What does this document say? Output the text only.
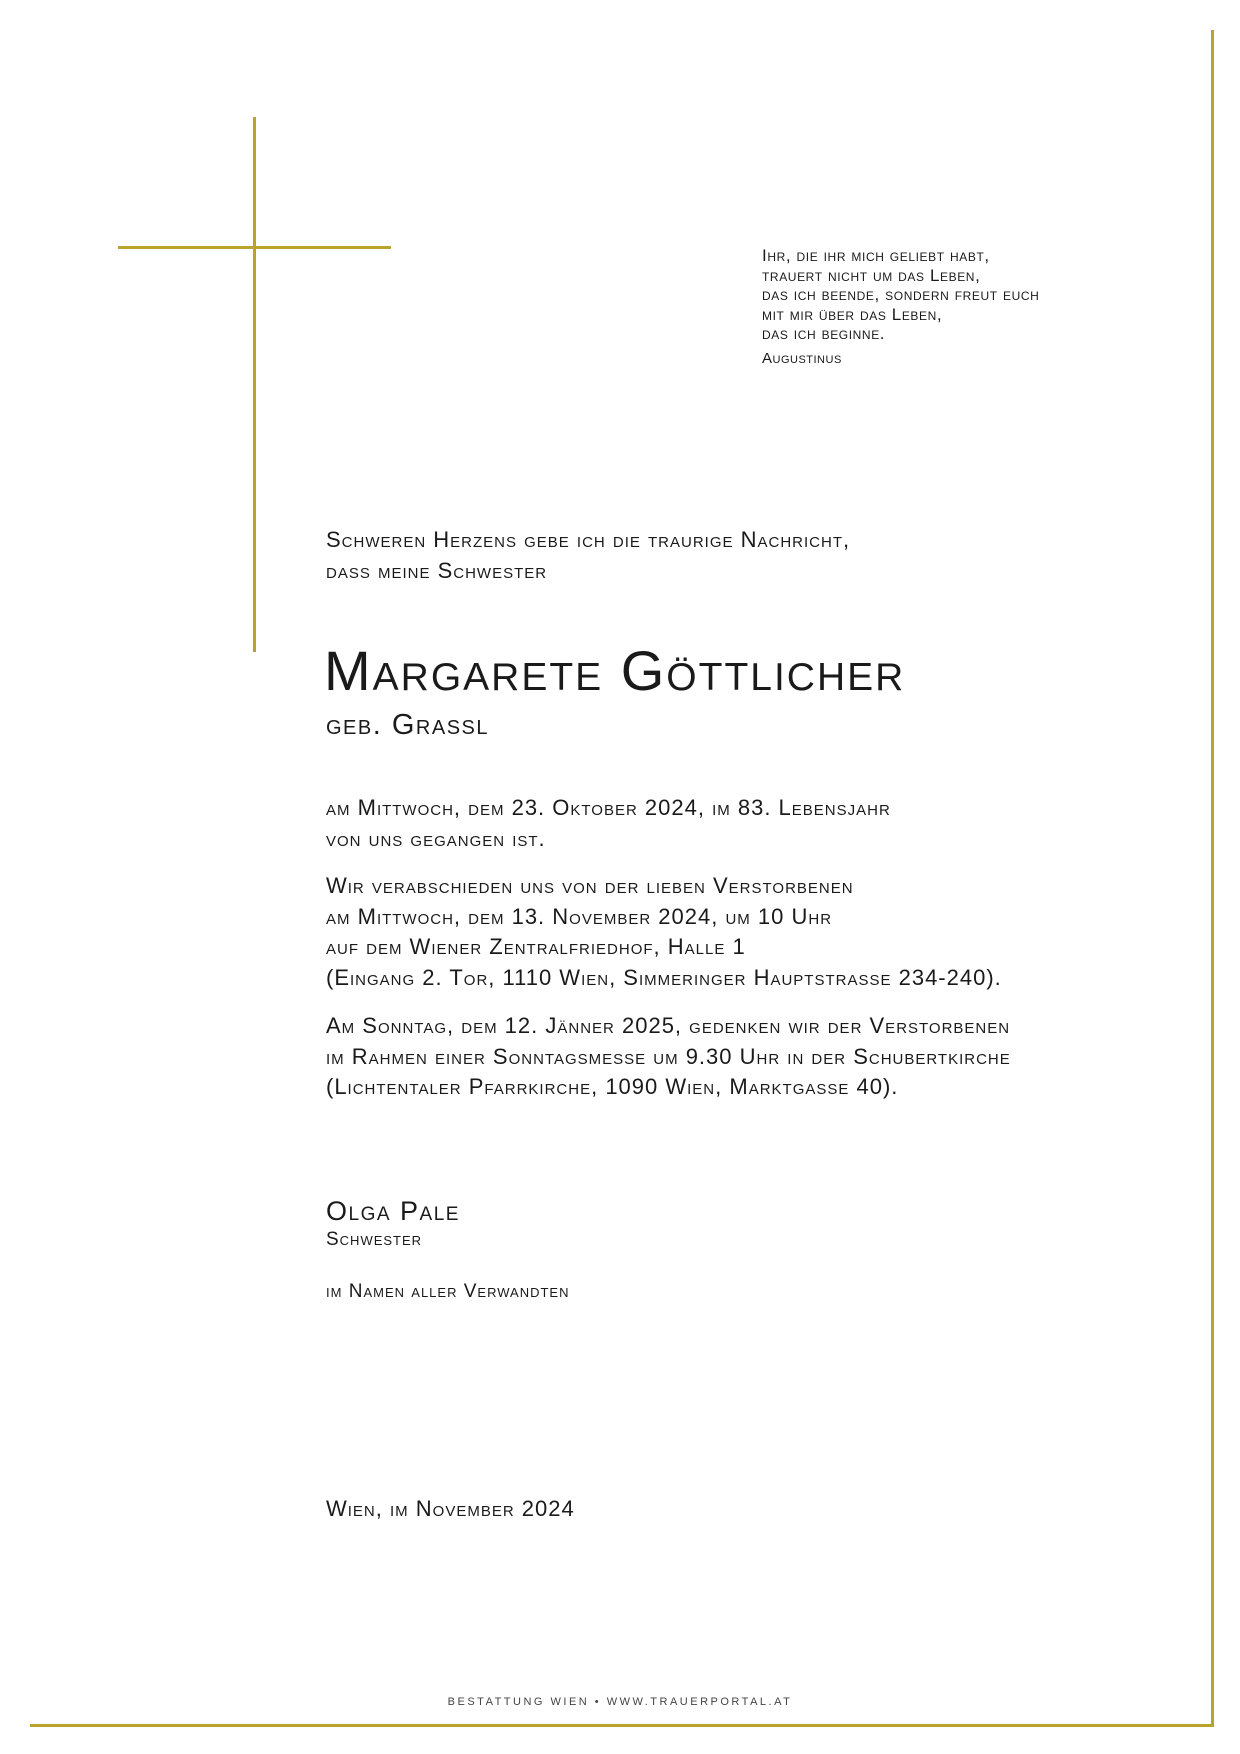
Ihr, die ihr mich geliebt habt,
trauert nicht um das Leben,
das ich beende, sondern freut euch
mit mir über das Leben,
das ich beginne.
Augustinus
Schweren Herzens gebe ich die traurige Nachricht,
dass meine Schwester
Margarete Göttlicher
geb. Grassl
am Mittwoch, dem 23. Oktober 2024, im 83. Lebensjahr
von uns gegangen ist.
Wir verabschieden uns von der lieben Verstorbenen
am Mittwoch, dem 13. November 2024, um 10 Uhr
auf dem Wiener Zentralfriedhof, Halle 1
(Eingang 2. Tor, 1110 Wien, Simmeringer Hauptstrasse 234-240).
Am Sonntag, dem 12. Jänner 2025, gedenken wir der Verstorbenen
im Rahmen einer Sonntagsmesse um 9.30 Uhr in der Schubertkirche
(Lichtentaler Pfarrkirche, 1090 Wien, Marktgasse 40).
Olga Pale
Schwester
im Namen aller Verwandten
Wien, im November 2024
BESTATTUNG WIEN • WWW.TRAUERPORTAL.AT
